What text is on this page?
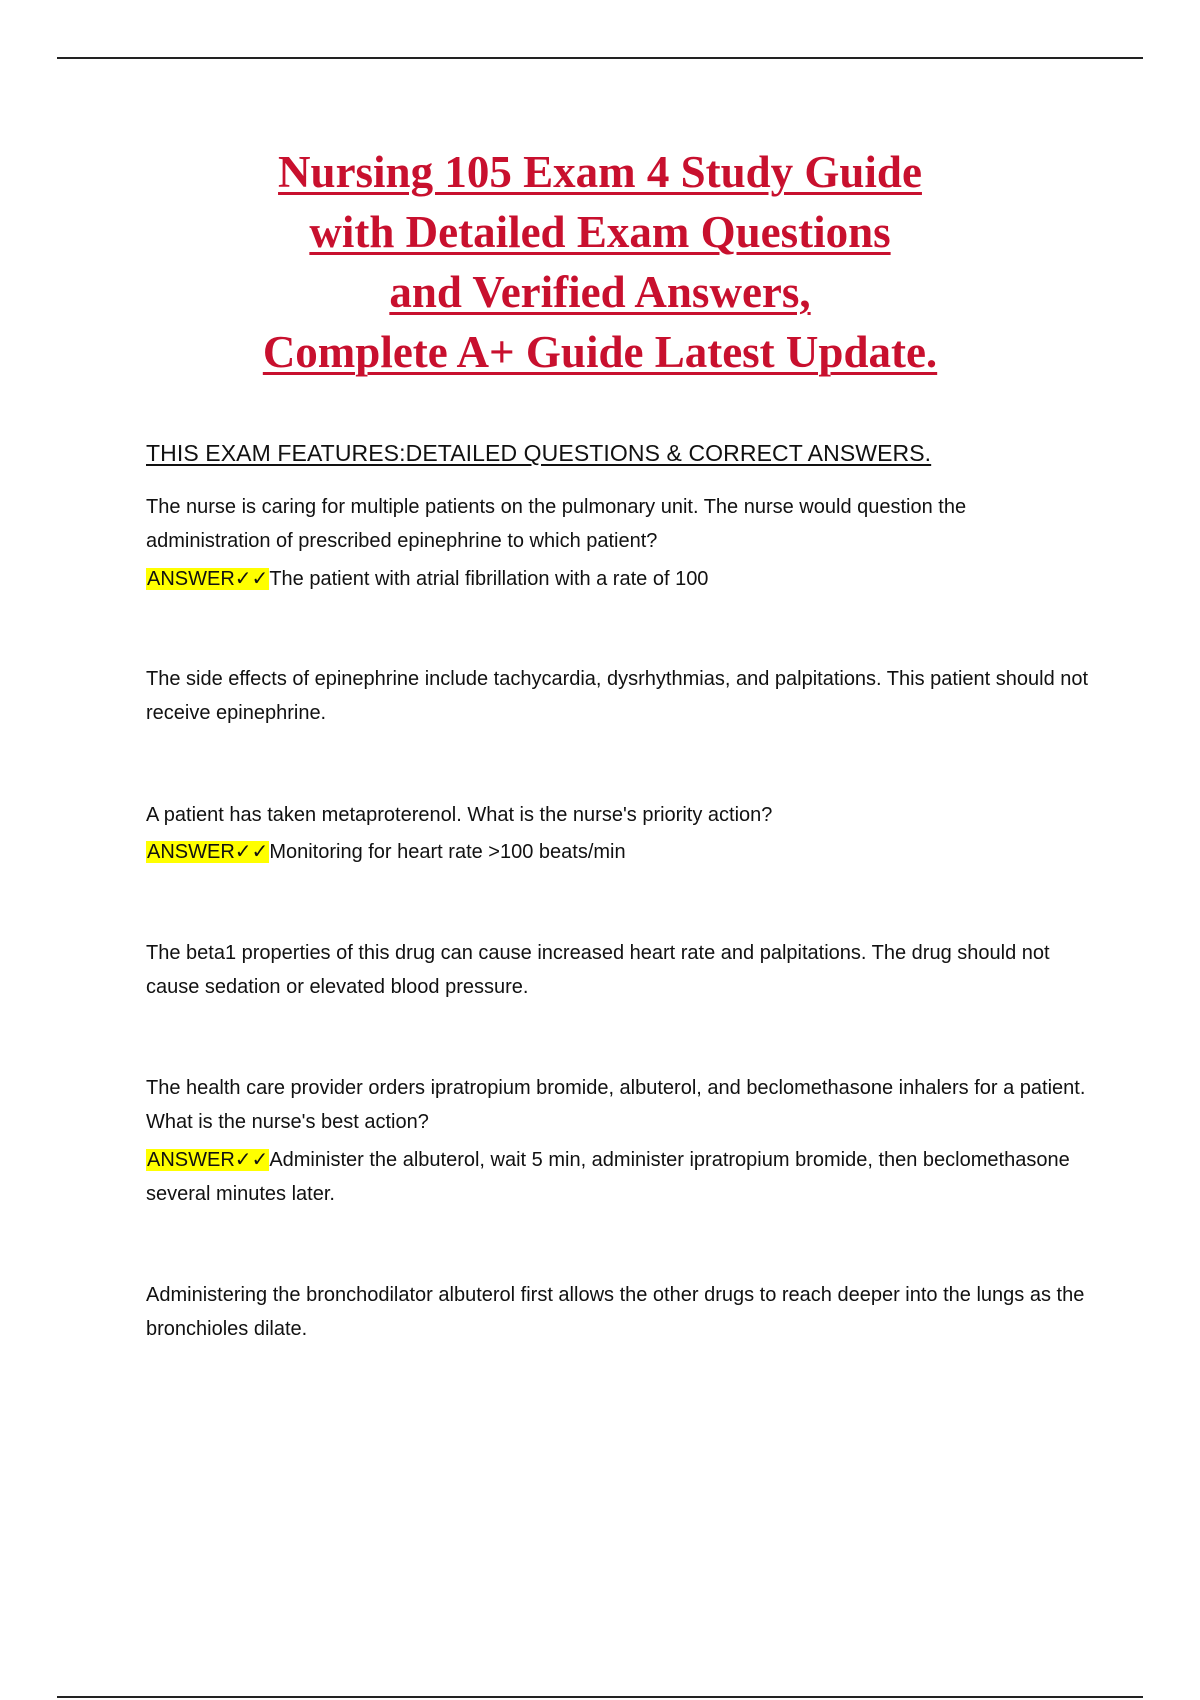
Nursing 105 Exam 4 Study Guide
with Detailed Exam Questions
and Verified Answers,
Complete A+ Guide Latest Update.
THIS EXAM FEATURES:DETAILED QUESTIONS & CORRECT ANSWERS.

The nurse is caring for multiple patients on the pulmonary unit. The nurse would question the administration of prescribed epinephrine to which patient?

ANSWER✓✓The patient with atrial fibrillation with a rate of 100

The side effects of epinephrine include tachycardia, dysrhythmias, and palpitations. This patient should not receive epinephrine.

A patient has taken metaproterenol. What is the nurse's priority action?

ANSWER✓✓Monitoring for heart rate >100 beats/min

The beta1 properties of this drug can cause increased heart rate and palpitations. The drug should not cause sedation or elevated blood pressure.

The health care provider orders ipratropium bromide, albuterol, and beclomethasone inhalers for a patient. What is the nurse's best action?

ANSWER✓✓Administer the albuterol, wait 5 min, administer ipratropium bromide, then beclomethasone several minutes later.

Administering the bronchodilator albuterol first allows the other drugs to reach deeper into the lungs as the bronchioles dilate.
